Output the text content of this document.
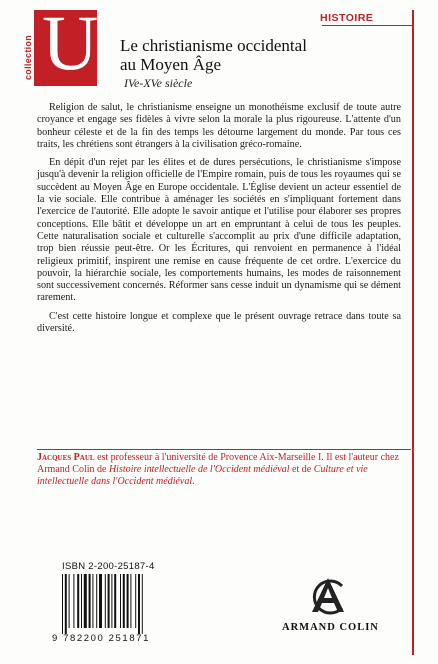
collection U	HISTOIRE
Le christianisme occidental
au Moyen Âge
IVe-XVe siècle

Religion de salut, le christianisme enseigne un monothéisme exclusif de toute autre croyance et engage ses fidèles à vivre selon la morale la plus rigoureuse. L'attente d'un bonheur céleste et de la fin des temps les détourne largement du monde. Par tous ces traits, les chrétiens sont étrangers à la civilisation gréco-romaine.

En dépit d'un rejet par les élites et de dures persécutions, le christianisme s'impose jusqu'à devenir la religion officielle de l'Empire romain, puis de tous les royaumes qui se succèdent au Moyen Âge en Europe occidentale. L'Église devient un acteur essentiel de la vie sociale. Elle contribue à aménager les sociétés en s'impliquant fortement dans l'exercice de l'autorité. Elle adopte le savoir antique et l'utilise pour élaborer ses propres conceptions. Elle bâtit et développe un art en empruntant à celui de tous les peuples. Cette naturalisation sociale et culturelle s'accomplit au prix d'une difficile adaptation, trop bien réussie peut-être. Or les Écritures, qui renvoient en permanence à l'idéal religieux primitif, inspirent une remise en cause fréquente de cet ordre. L'exercice du pouvoir, la hiérarchie sociale, les comportements humains, les modes de raisonnement sont successivement concernés. Réformer sans cesse induit un dynamisme qui se dément rarement.

C'est cette histoire longue et complexe que le présent ouvrage retrace dans toute sa diversité.

Jacques Paul est professeur à l'université de Provence Aix-Marseille I. Il est l'auteur chez Armand Colin de Histoire intellectuelle de l'Occident médiéval et de Culture et vie intellectuelle dans l'Occident médiéval.
ISBN 2-200-25187-4
9 782200 251871
ARMAND COLIN
